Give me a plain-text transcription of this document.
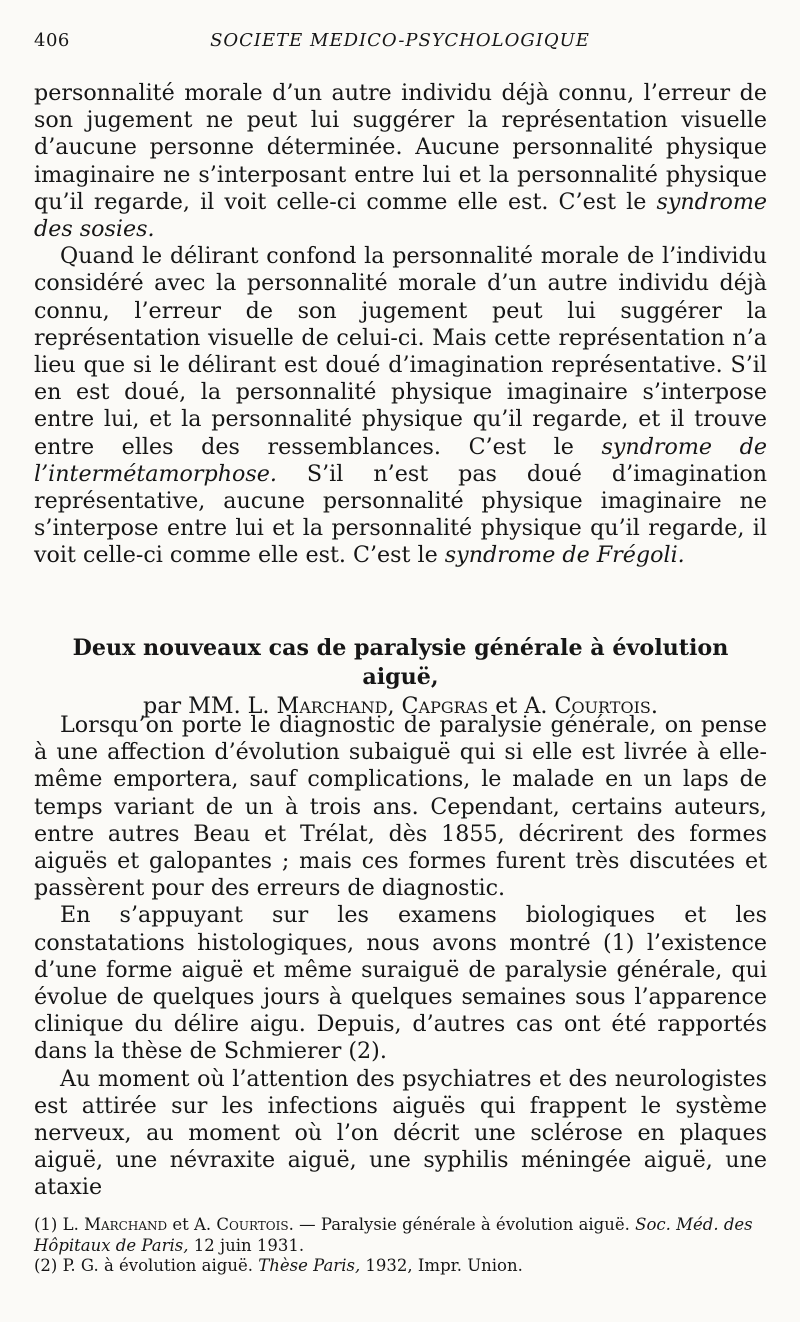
406	SOCIETE MEDICO-PSYCHOLOGIQUE

personnalité morale d’un autre individu déjà connu, l’erreur de son jugement ne peut lui suggérer la représentation visuelle d’aucune personne déterminée. Aucune personnalité physique imaginaire ne s’interposant entre lui et la personnalité physique qu’il regarde, il voit celle-ci comme elle est. C’est le syndrome des sosies.

Quand le délirant confond la personnalité morale de l’individu considéré avec la personnalité morale d’un autre individu déjà connu, l’erreur de son jugement peut lui suggérer la représentation visuelle de celui-ci. Mais cette représentation n’a lieu que si le délirant est doué d’imagination représentative. S’il en est doué, la personnalité physique imaginaire s’interpose entre lui, et la personnalité physique qu’il regarde, et il trouve entre elles des ressemblances. C’est le syndrome de l’intermétamorphose. S’il n’est pas doué d’imagination représentative, aucune personnalité physique imaginaire ne s’interpose entre lui et la personnalité physique qu’il regarde, il voit celle-ci comme elle est. C’est le syndrome de Frégoli.

Deux nouveaux cas de paralysie générale à évolution aiguë,
par MM. L. Marchand, Capgras et A. Courtois.

Lorsqu’on porte le diagnostic de paralysie générale, on pense à une affection d’évolution subaiguë qui si elle est livrée à elle-même emportera, sauf complications, le malade en un laps de temps variant de un à trois ans. Cependant, certains auteurs, entre autres Beau et Trélat, dès 1855, décrirent des formes aiguës et galopantes ; mais ces formes furent très discutées et passèrent pour des erreurs de diagnostic.

En s’appuyant sur les examens biologiques et les constatations histologiques, nous avons montré (1) l’existence d’une forme aiguë et même suraiguë de paralysie générale, qui évolue de quelques jours à quelques semaines sous l’apparence clinique du délire aigu. Depuis, d’autres cas ont été rapportés dans la thèse de Schmierer (2).

Au moment où l’attention des psychiatres et des neurologistes est attirée sur les infections aiguës qui frappent le système nerveux, au moment où l’on décrit une sclérose en plaques aiguë, une névraxite aiguë, une syphilis méningée aiguë, une ataxie

(1) L. Marchand et A. Courtois. — Paralysie générale à évolution aiguë. Soc. Méd. des Hôpitaux de Paris, 12 juin 1931.

(2) P. G. à évolution aiguë. Thèse Paris, 1932, Impr. Union.
